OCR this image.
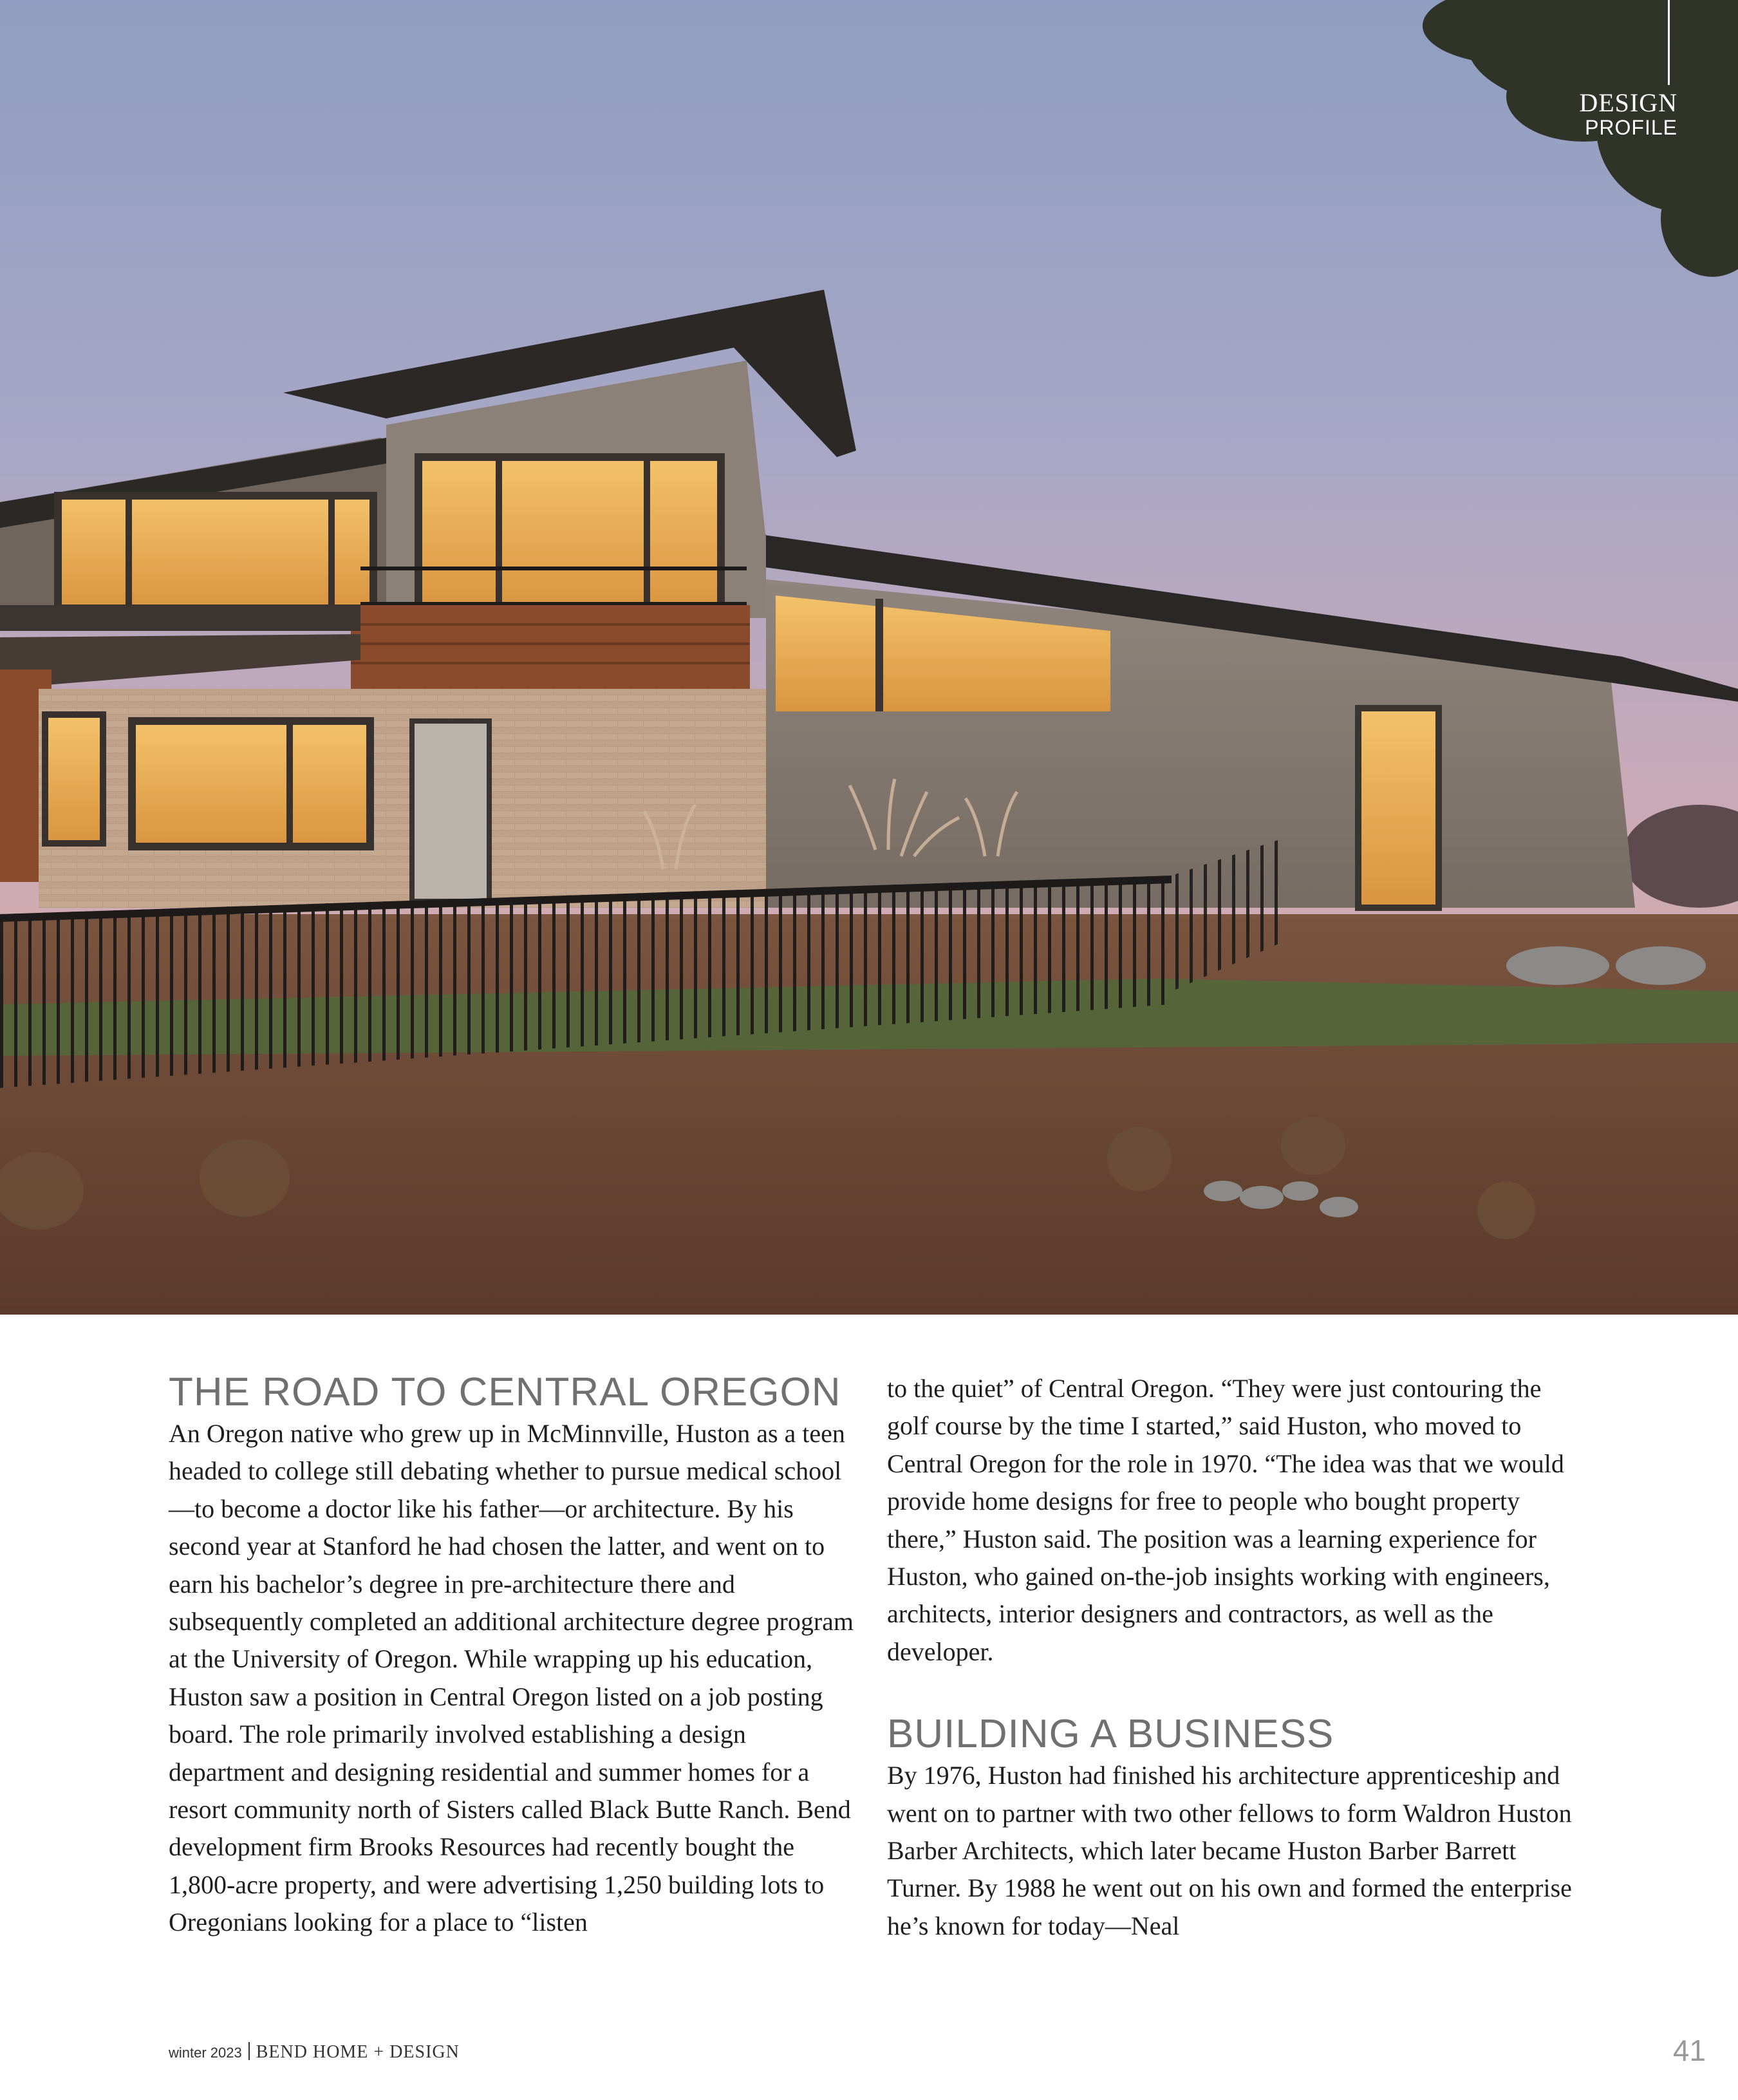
DESIGN
PROFILE
THE ROAD TO CENTRAL OREGON

An Oregon native who grew up in McMinnville, Huston as a teen headed to college still debating whether to pursue medical school—to become a doctor like his father—or architecture. By his second year at Stanford he had chosen the latter, and went on to earn his bachelor’s degree in pre-architecture there and subsequently completed an additional architecture degree program at the University of Oregon. While wrapping up his education, Huston saw a position in Central Oregon listed on a job posting board. The role primarily involved establishing a design department and designing residential and summer homes for a resort community north of Sisters called Black Butte Ranch. Bend development firm Brooks Resources had recently bought the 1,800-acre property, and were advertising 1,250 building lots to Oregonians looking for a place to “listen

to the quiet” of Central Oregon. “They were just contouring the golf course by the time I started,” said Huston, who moved to Central Oregon for the role in 1970. “The idea was that we would provide home designs for free to people who bought property there,” Huston said. The position was a learning experience for Huston, who gained on-the-job insights working with engineers, architects, interior designers and contractors, as well as the developer.

BUILDING A BUSINESS

By 1976, Huston had finished his architecture apprenticeship and went on to partner with two other fellows to form Waldron Huston Barber Architects, which later became Huston Barber Barrett Turner. By 1988 he went out on his own and formed the enterprise he’s known for today—Neal

winter 2023 BEND HOME + DESIGN	41
